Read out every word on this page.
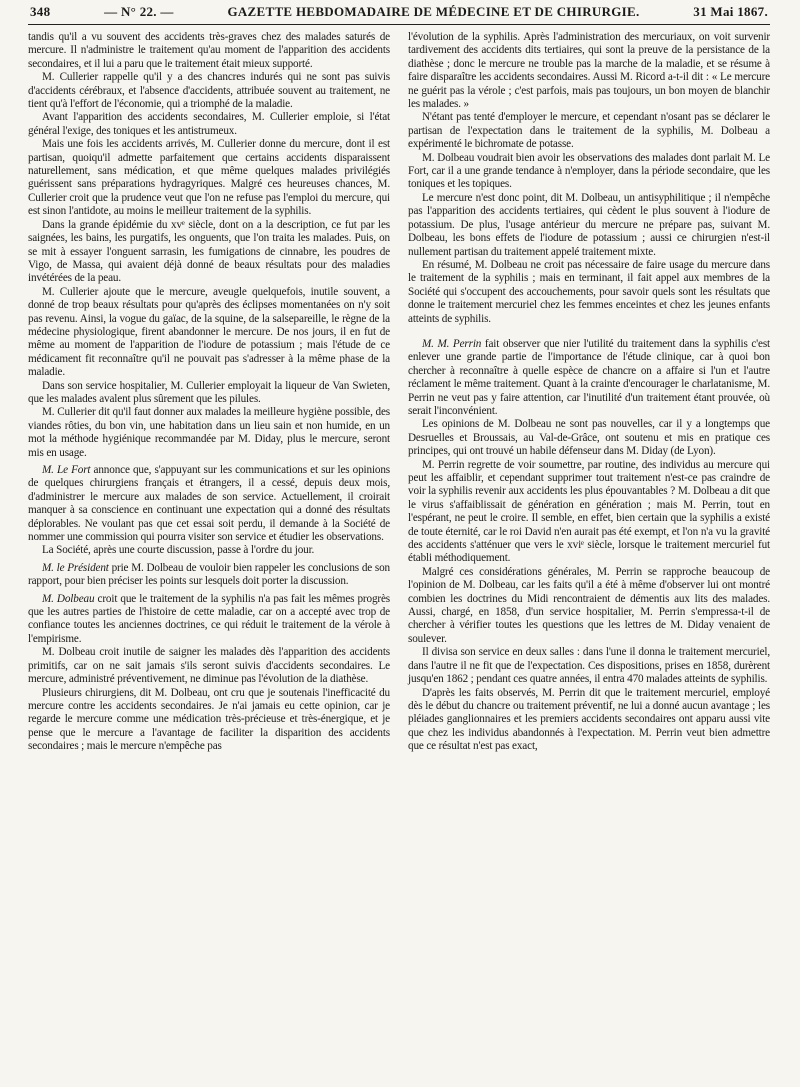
348	— N° 22. —	GAZETTE HEBDOMADAIRE DE MÉDECINE ET DE CHIRURGIE.	31 Mai 1867.

tandis qu'il a vu souvent des accidents très-graves chez des malades saturés de mercure. Il n'administre le traitement qu'au moment de l'apparition des accidents secondaires, et il lui a paru que le traitement était mieux supporté.

M. Cullerier rappelle qu'il y a des chancres indurés qui ne sont pas suivis d'accidents cérébraux, et l'absence d'accidents, attribuée souvent au traitement, ne tient qu'à l'effort de l'économie, qui a triomphé de la maladie.

Avant l'apparition des accidents secondaires, M. Cullerier emploie, si l'état général l'exige, des toniques et les antistrumeux.

Mais une fois les accidents arrivés, M. Cullerier donne du mercure, dont il est partisan, quoiqu'il admette parfaitement que certains accidents disparaissent naturellement, sans médication, et que même quelques malades privilégiés guérissent sans préparations hydragyriques. Malgré ces heureuses chances, M. Cullerier croit que la prudence veut que l'on ne refuse pas l'emploi du mercure, qui est sinon l'antidote, au moins le meilleur traitement de la syphilis.

Dans la grande épidémie du xvᵉ siècle, dont on a la description, ce fut par les saignées, les bains, les purgatifs, les onguents, que l'on traita les malades. Puis, on se mit à essayer l'onguent sarrasin, les fumigations de cinnabre, les poudres de Vigo, de Massa, qui avaient déjà donné de beaux résultats pour des maladies invétérées de la peau.

M. Cullerier ajoute que le mercure, aveugle quelquefois, inutile souvent, a donné de trop beaux résultats pour qu'après des éclipses momentanées on n'y soit pas revenu. Ainsi, la vogue du gaïac, de la squine, de la salsepareille, le règne de la médecine physiologique, firent abandonner le mercure. De nos jours, il en fut de même au moment de l'apparition de l'iodure de potassium ; mais l'étude de ce médicament fit reconnaître qu'il ne pouvait pas s'adresser à la même phase de la maladie.

Dans son service hospitalier, M. Cullerier employait la liqueur de Van Swieten, que les malades avalent plus sûrement que les pilules.

M. Cullerier dit qu'il faut donner aux malades la meilleure hygiène possible, des viandes rôties, du bon vin, une habitation dans un lieu sain et non humide, en un mot la méthode hygiénique recommandée par M. Diday, plus le mercure, seront mis en usage.

M. Le Fort annonce que, s'appuyant sur les communications et sur les opinions de quelques chirurgiens français et étrangers, il a cessé, depuis deux mois, d'administrer le mercure aux malades de son service. Actuellement, il croirait manquer à sa conscience en continuant une expectation qui a donné des résultats déplorables. Ne voulant pas que cet essai soit perdu, il demande à la Société de nommer une commission qui pourra visiter son service et étudier les observations.

La Société, après une courte discussion, passe à l'ordre du jour.

M. le Président prie M. Dolbeau de vouloir bien rappeler les conclusions de son rapport, pour bien préciser les points sur lesquels doit porter la discussion.

M. Dolbeau croit que le traitement de la syphilis n'a pas fait les mêmes progrès que les autres parties de l'histoire de cette maladie, car on a accepté avec trop de confiance toutes les anciennes doctrines, ce qui réduit le traitement de la vérole à l'empirisme.

M. Dolbeau croit inutile de saigner les malades dès l'apparition des accidents primitifs, car on ne sait jamais s'ils seront suivis d'accidents secondaires. Le mercure, administré préventivement, ne diminue pas l'évolution de la diathèse.

Plusieurs chirurgiens, dit M. Dolbeau, ont cru que je soutenais l'inefficacité du mercure contre les accidents secondaires. Je n'ai jamais eu cette opinion, car je regarde le mercure comme une médication très-précieuse et très-énergique, et je pense que le mercure a l'avantage de faciliter la disparition des accidents secondaires ; mais le mercure n'empêche pas

l'évolution de la syphilis. Après l'administration des mercuriaux, on voit survenir tardivement des accidents dits tertiaires, qui sont la preuve de la persistance de la diathèse ; donc le mercure ne trouble pas la marche de la maladie, et se résume à faire disparaître les accidents secondaires. Aussi M. Ricord a-t-il dit : « Le mercure ne guérit pas la vérole ; c'est parfois, mais pas toujours, un bon moyen de blanchir les malades. »

N'étant pas tenté d'employer le mercure, et cependant n'osant pas se déclarer le partisan de l'expectation dans le traitement de la syphilis, M. Dolbeau a expérimenté le bichromate de potasse.

M. Dolbeau voudrait bien avoir les observations des malades dont parlait M. Le Fort, car il a une grande tendance à n'employer, dans la période secondaire, que les toniques et les topiques.

Le mercure n'est donc point, dit M. Dolbeau, un antisyphilitique ; il n'empêche pas l'apparition des accidents tertiaires, qui cèdent le plus souvent à l'iodure de potassium. De plus, l'usage antérieur du mercure ne prépare pas, suivant M. Dolbeau, les bons effets de l'iodure de potassium ; aussi ce chirurgien n'est-il nullement partisan du traitement appelé traitement mixte.

En résumé, M. Dolbeau ne croit pas nécessaire de faire usage du mercure dans le traitement de la syphilis ; mais en terminant, il fait appel aux membres de la Société qui s'occupent des accouchements, pour savoir quels sont les résultats que donne le traitement mercuriel chez les femmes enceintes et chez les jeunes enfants atteints de syphilis.

M. M. Perrin fait observer que nier l'utilité du traitement dans la syphilis c'est enlever une grande partie de l'importance de l'étude clinique, car à quoi bon chercher à reconnaître à quelle espèce de chancre on a affaire si l'un et l'autre réclament le même traitement. Quant à la crainte d'encourager le charlatanisme, M. Perrin ne veut pas y faire attention, car l'inutilité d'un traitement étant prouvée, où serait l'inconvénient.

Les opinions de M. Dolbeau ne sont pas nouvelles, car il y a longtemps que Desruelles et Broussais, au Val-de-Grâce, ont soutenu et mis en pratique ces principes, qui ont trouvé un habile défenseur dans M. Diday (de Lyon).

M. Perrin regrette de voir soumettre, par routine, des individus au mercure qui peut les affaiblir, et cependant supprimer tout traitement n'est-ce pas craindre de voir la syphilis revenir aux accidents les plus épouvantables ? M. Dolbeau a dit que le virus s'affaiblissait de génération en génération ; mais M. Perrin, tout en l'espérant, ne peut le croire. Il semble, en effet, bien certain que la syphilis a existé de toute éternité, car le roi David n'en aurait pas été exempt, et l'on n'a vu la gravité des accidents s'atténuer que vers le xviᵉ siècle, lorsque le traitement mercuriel fut établi méthodiquement.

Malgré ces considérations générales, M. Perrin se rapproche beaucoup de l'opinion de M. Dolbeau, car les faits qu'il a été à même d'observer lui ont montré combien les doctrines du Midi rencontraient de démentis aux lits des malades. Aussi, chargé, en 1858, d'un service hospitalier, M. Perrin s'empressa-t-il de chercher à vérifier toutes les questions que les lettres de M. Diday venaient de soulever.

Il divisa son service en deux salles : dans l'une il donna le traitement mercuriel, dans l'autre il ne fit que de l'expectation. Ces dispositions, prises en 1858, durèrent jusqu'en 1862 ; pendant ces quatre années, il entra 470 malades atteints de syphilis.

D'après les faits observés, M. Perrin dit que le traitement mercuriel, employé dès le début du chancre ou traitement préventif, ne lui a donné aucun avantage ; les pléiades ganglionnaires et les premiers accidents secondaires ont apparu aussi vite que chez les individus abandonnés à l'expectation. M. Perrin veut bien admettre que ce résultat n'est pas exact,
